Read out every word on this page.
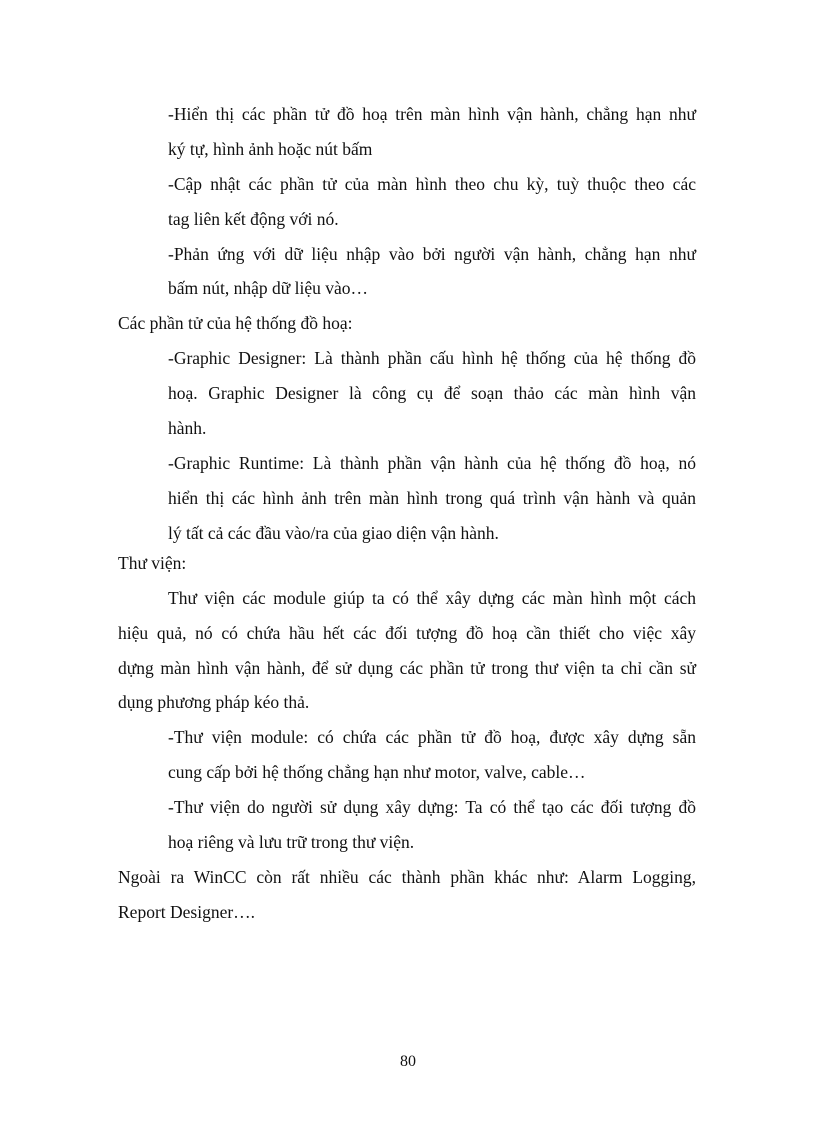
-Hiển thị các phần tử đồ hoạ trên màn hình vận hành, chẳng hạn như
ký tự, hình ảnh hoặc nút bấm
-Cập nhật các phần tử của màn hình theo chu kỳ, tuỳ thuộc theo các
tag liên kết động với nó.
-Phản ứng với dữ liệu nhập vào bởi người vận hành, chẳng hạn như
bấm nút, nhập dữ liệu vào…
Các phần tử của hệ thống đồ hoạ:
-Graphic Designer: Là thành phần cấu hình hệ thống của hệ thống đồ
hoạ. Graphic Designer là công cụ để soạn thảo các màn hình vận
hành.
-Graphic Runtime: Là thành phần vận hành của hệ thống đồ hoạ, nó
hiển thị các hình ảnh trên màn hình trong quá trình vận hành và quản
lý tất cả các đầu vào/ra của giao diện vận hành.
Thư viện:
Thư viện các module giúp ta có thể xây dựng các màn hình một cách
hiệu quả, nó có chứa hầu hết các đối tượng đồ hoạ cần thiết cho việc xây
dựng màn hình vận hành, để sử dụng các phần tử trong thư viện ta chỉ cần sử
dụng phương pháp kéo thả.
-Thư viện module: có chứa các phần tử đồ hoạ, được xây dựng sẵn
cung cấp bởi hệ thống chẳng hạn như motor, valve, cable…
-Thư viện do người sử dụng xây dựng: Ta có thể tạo các đối tượng đồ
hoạ riêng và lưu trữ trong thư viện.
Ngoài ra WinCC còn rất nhiều các thành phần khác như: Alarm Logging,
Report Designer….
80
